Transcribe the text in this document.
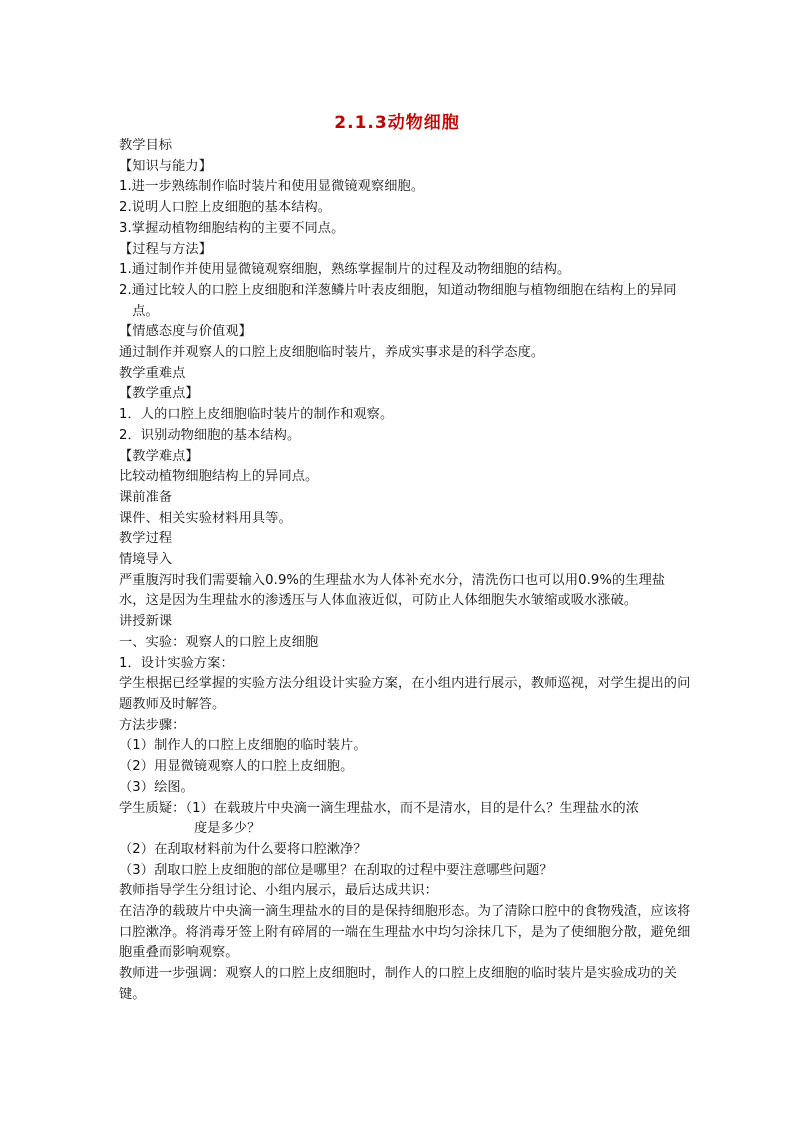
2.1.3动物细胞
教学目标
【知识与能力】
1.进一步熟练制作临时装片和使用显微镜观察细胞。
2.说明人口腔上皮细胞的基本结构。
3.掌握动植物细胞结构的主要不同点。
【过程与方法】
1.通过制作并使用显微镜观察细胞，熟练掌握制片的过程及动物细胞的结构。
2.通过比较人的口腔上皮细胞和洋葱鳞片叶表皮细胞，知道动物细胞与植物细胞在结构上的异同点。
【情感态度与价值观】
通过制作并观察人的口腔上皮细胞临时装片，养成实事求是的科学态度。
教学重难点
【教学重点】
1．人的口腔上皮细胞临时装片的制作和观察。
2．识别动物细胞的基本结构。
【教学难点】
比较动植物细胞结构上的异同点。
课前准备
课件、相关实验材料用具等。
教学过程
情境导入
严重腹泻时我们需要输入0.9%的生理盐水为人体补充水分，清洗伤口也可以用0.9%的生理盐水，这是因为生理盐水的渗透压与人体血液近似，可防止人体细胞失水皱缩或吸水涨破。
讲授新课
一、实验：观察人的口腔上皮细胞
1．设计实验方案：
学生根据已经掌握的实验方法分组设计实验方案，在小组内进行展示，教师巡视，对学生提出的问题教师及时解答。
方法步骤：
（1）制作人的口腔上皮细胞的临时装片。
（2）用显微镜观察人的口腔上皮细胞。
（3）绘图。
学生质疑：（1）在载玻片中央滴一滴生理盐水，而不是清水，目的是什么？生理盐水的浓
度是多少？
（2）在刮取材料前为什么要将口腔漱净？
（3）刮取口腔上皮细胞的部位是哪里？在刮取的过程中要注意哪些问题？
教师指导学生分组讨论、小组内展示，最后达成共识：
在洁净的载玻片中央滴一滴生理盐水的目的是保持细胞形态。为了清除口腔中的食物残渣，应该将口腔漱净。将消毒牙签上附有碎屑的一端在生理盐水中均匀涂抹几下，是为了使细胞分散，避免细胞重叠而影响观察。
教师进一步强调：观察人的口腔上皮细胞时，制作人的口腔上皮细胞的临时装片是实验成功的关键。
